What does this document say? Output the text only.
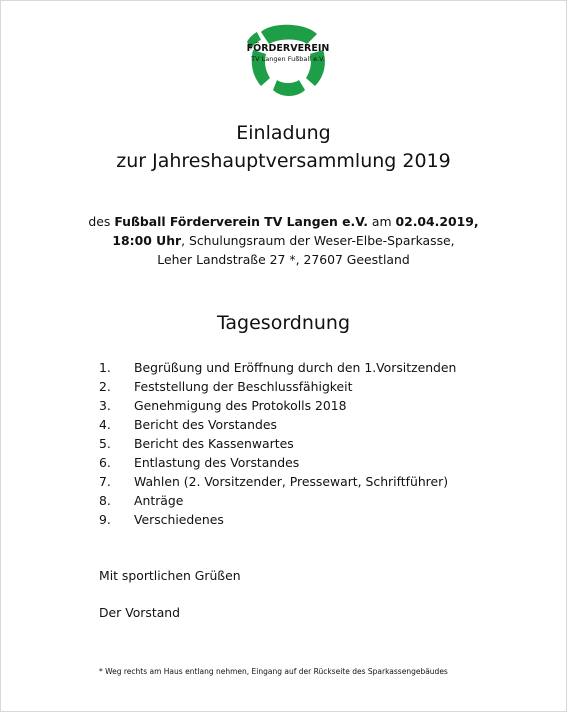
FÖRDERVEREIN
TV Langen Fußball e.V.
Einladung
zur Jahreshauptversammlung 2019
des Fußball Förderverein TV Langen e.V. am 02.04.2019,
18:00 Uhr, Schulungsraum der Weser-Elbe-Sparkasse,
Leher Landstraße 27 *, 27607 Geestland
Tagesordnung
1. Begrüßung und Eröffnung durch den 1.Vorsitzenden
2. Feststellung der Beschlussfähigkeit
3. Genehmigung des Protokolls 2018
4. Bericht des Vorstandes
5. Bericht des Kassenwartes
6. Entlastung des Vorstandes
7. Wahlen (2. Vorsitzender, Pressewart, Schriftführer)
8. Anträge
9. Verschiedenes
Mit sportlichen Grüßen
Der Vorstand
* Weg rechts am Haus entlang nehmen, Eingang auf der Rückseite des Sparkassengebäudes
